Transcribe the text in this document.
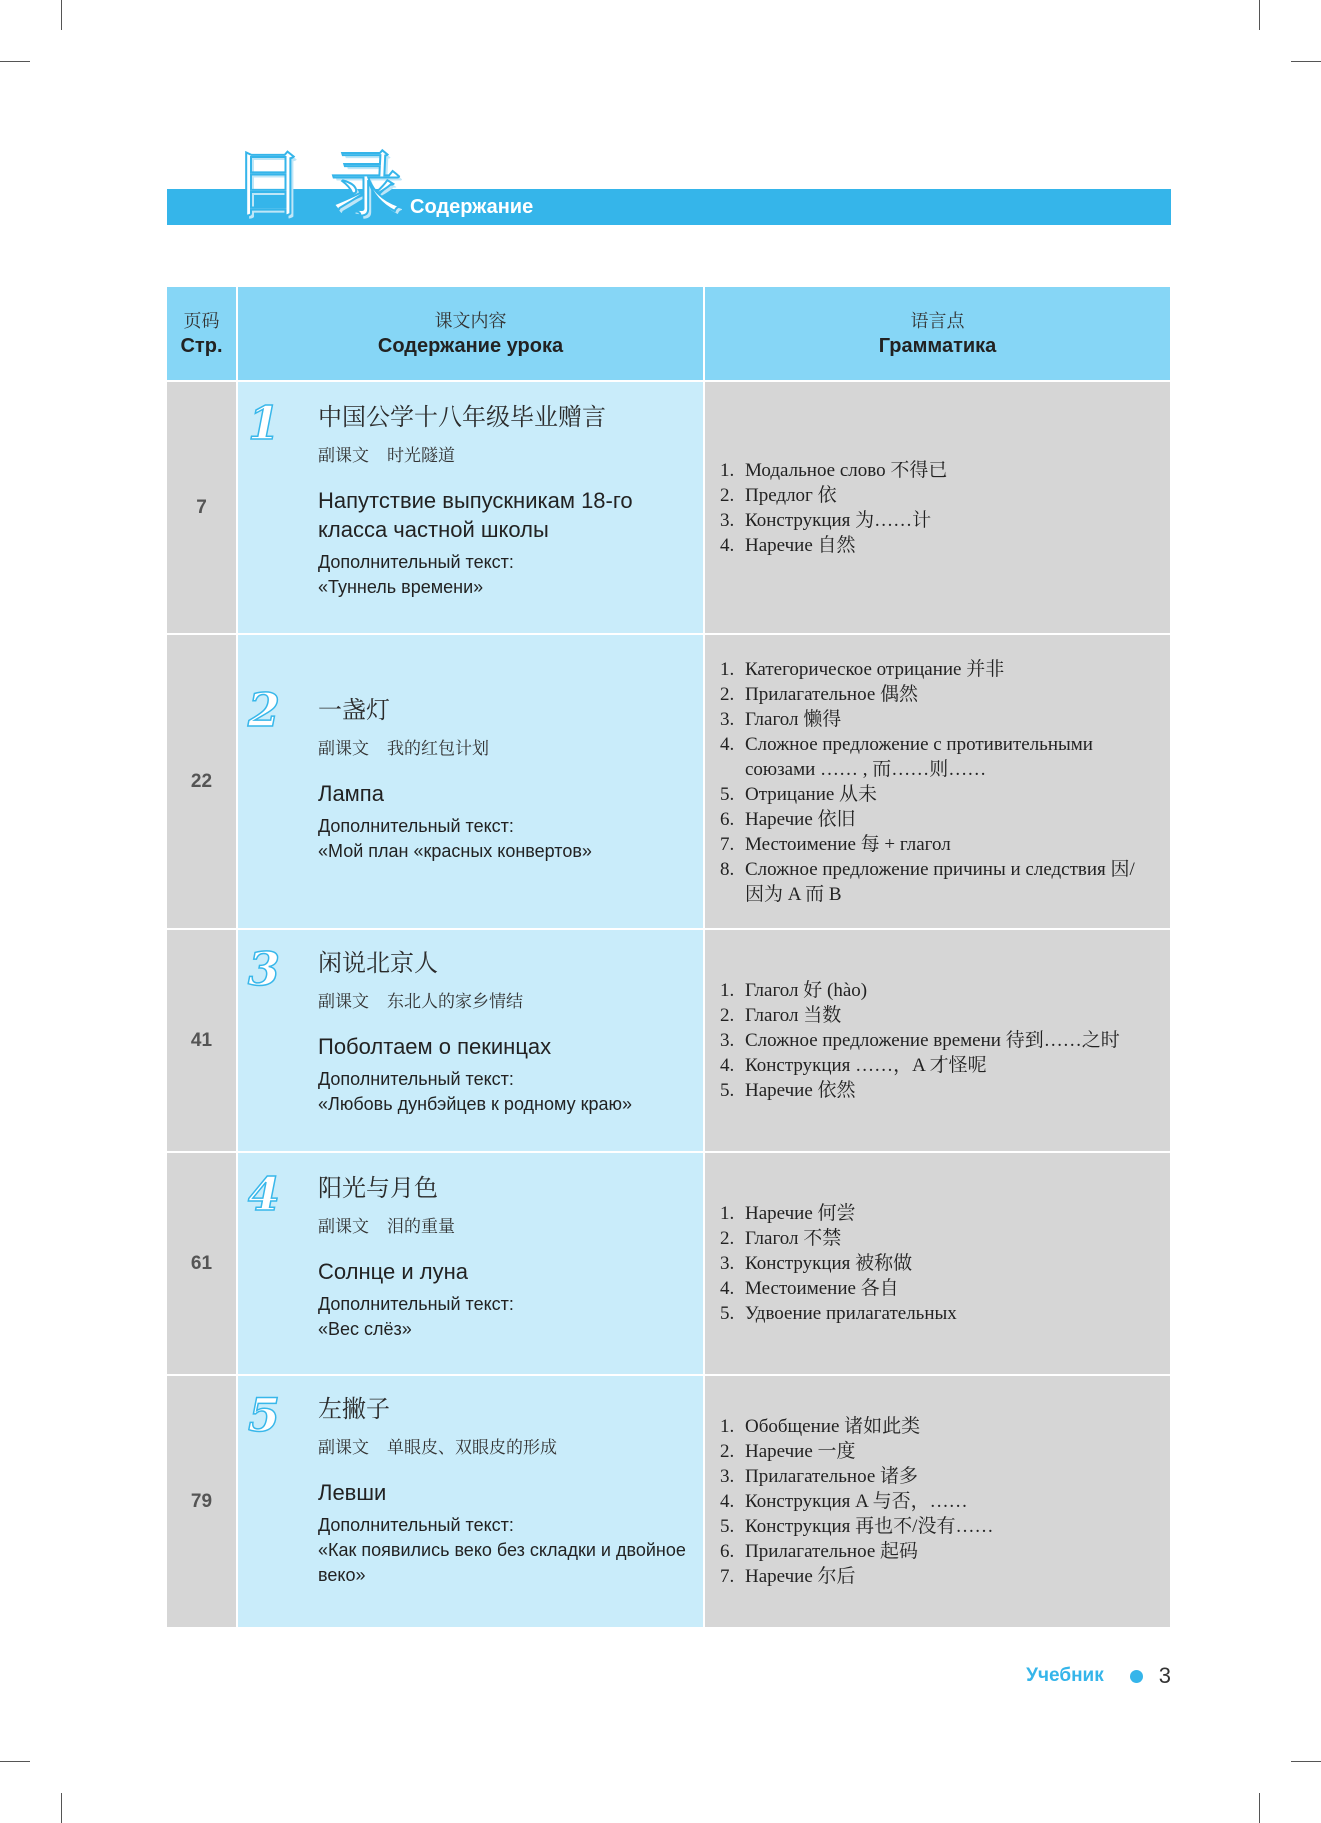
目录
Содержание
页码
Стр.
课文内容
Содержание урока
语言点
Грамматика
7
1 中国公学十八年级毕业赠言
副课文 时光隧道
Напутствие выпускникам 18-го класса частной школы
Дополнительный текст:
«Туннель времени»
1. Модальное слово 不得已
2. Предлог 依
3. Конструкция 为……计
4. Наречие 自然
22
2 一盏灯
副课文 我的红包计划
Лампа
Дополнительный текст:
«Мой план «красных конвертов»
1. Категорическое отрицание 并非
2. Прилагательное 偶然
3. Глагол 懒得
4. Сложное предложение с противительными союзами …… , 而……则……
5. Отрицание 从未
6. Наречие 依旧
7. Местоимение 每 + глагол
8. Сложное предложение причины и следствия 因/因为 A 而 B
41
3 闲说北京人
副课文 东北人的家乡情结
Поболтаем о пекинцах
Дополнительный текст:
«Любовь дунбэйцев к родному краю»
1. Глагол 好 (hào)
2. Глагол 当数
3. Сложное предложение времени 待到……之时
4. Конструкция ……，A 才怪呢
5. Наречие 依然
61
4 阳光与月色
副课文 泪的重量
Солнце и луна
Дополнительный текст:
«Вес слёз»
1. Наречие 何尝
2. Глагол 不禁
3. Конструкция 被称做
4. Местоимение 各自
5. Удвоение прилагательных
79
5 左撇子
副课文 单眼皮、双眼皮的形成
Левши
Дополнительный текст:
«Как появились веко без складки и двойное веко»
1. Обобщение 诸如此类
2. Наречие 一度
3. Прилагательное 诸多
4. Конструкция A 与否，……
5. Конструкция 再也不/没有……
6. Прилагательное 起码
7. Наречие 尔后
Учебник	3
